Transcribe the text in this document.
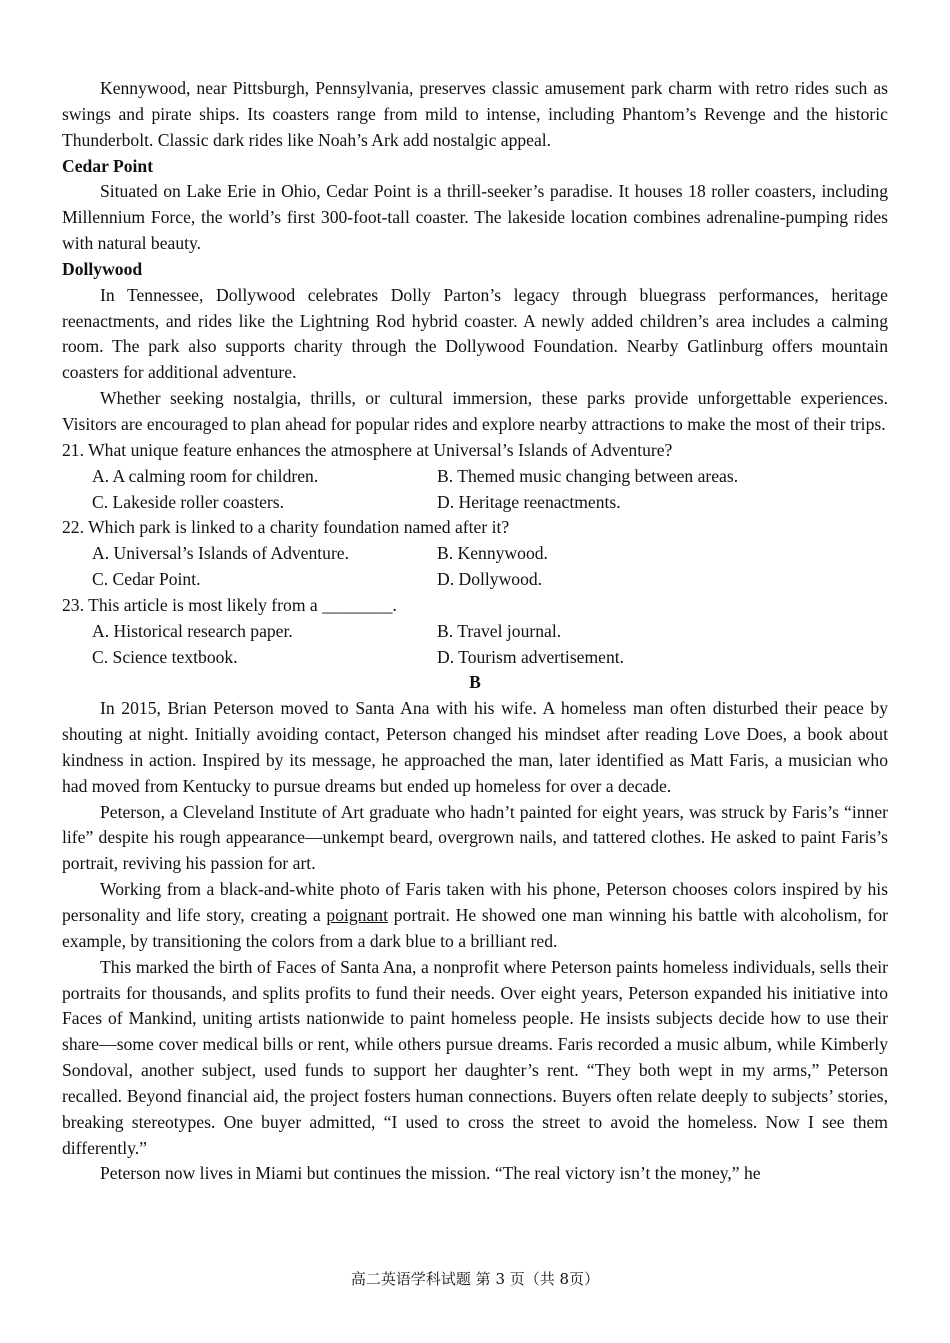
Kennywood, near Pittsburgh, Pennsylvania, preserves classic amusement park charm with retro rides such as swings and pirate ships. Its coasters range from mild to intense, including Phantom’s Revenge and the historic Thunderbolt. Classic dark rides like Noah’s Ark add nostalgic appeal.

Cedar Point

Situated on Lake Erie in Ohio, Cedar Point is a thrill-seeker’s paradise. It houses 18 roller coasters, including Millennium Force, the world’s first 300-foot-tall coaster. The lakeside location combines adrenaline-pumping rides with natural beauty.

Dollywood

In Tennessee, Dollywood celebrates Dolly Parton’s legacy through bluegrass performances, heritage reenactments, and rides like the Lightning Rod hybrid coaster. A newly added children’s area includes a calming room. The park also supports charity through the Dollywood Foundation. Nearby Gatlinburg offers mountain coasters for additional adventure.

Whether seeking nostalgia, thrills, or cultural immersion, these parks provide unforgettable experiences. Visitors are encouraged to plan ahead for popular rides and explore nearby attractions to make the most of their trips.

21. What unique feature enhances the atmosphere at Universal’s Islands of Adventure?

A. A calming room for children.	B. Themed music changing between areas.
C. Lakeside roller coasters.	D. Heritage reenactments.

22. Which park is linked to a charity foundation named after it?

A. Universal’s Islands of Adventure.	B. Kennywood.
C. Cedar Point.	D. Dollywood.

23. This article is most likely from a ________.

A. Historical research paper.	B. Travel journal.
C. Science textbook.	D. Tourism advertisement.

B

In 2015, Brian Peterson moved to Santa Ana with his wife. A homeless man often disturbed their peace by shouting at night. Initially avoiding contact, Peterson changed his mindset after reading Love Does, a book about kindness in action. Inspired by its message, he approached the man, later identified as Matt Faris, a musician who had moved from Kentucky to pursue dreams but ended up homeless for over a decade.

Peterson, a Cleveland Institute of Art graduate who hadn’t painted for eight years, was struck by Faris’s “inner life” despite his rough appearance—unkempt beard, overgrown nails, and tattered clothes. He asked to paint Faris’s portrait, reviving his passion for art.

Working from a black-and-white photo of Faris taken with his phone, Peterson chooses colors inspired by his personality and life story, creating a poignant portrait. He showed one man winning his battle with alcoholism, for example, by transitioning the colors from a dark blue to a brilliant red.

This marked the birth of Faces of Santa Ana, a nonprofit where Peterson paints homeless individuals, sells their portraits for thousands, and splits profits to fund their needs. Over eight years, Peterson expanded his initiative into Faces of Mankind, uniting artists nationwide to paint homeless people. He insists subjects decide how to use their share—some cover medical bills or rent, while others pursue dreams. Faris recorded a music album, while Kimberly Sondoval, another subject, used funds to support her daughter’s rent. “They both wept in my arms,” Peterson recalled. Beyond financial aid, the project fosters human connections. Buyers often relate deeply to subjects’ stories, breaking stereotypes. One buyer admitted, “I used to cross the street to avoid the homeless. Now I see them differently.”

Peterson now lives in Miami but continues the mission. “The real victory isn’t the money,” he

高二英语学科试题 第 3 页（共 8页）
